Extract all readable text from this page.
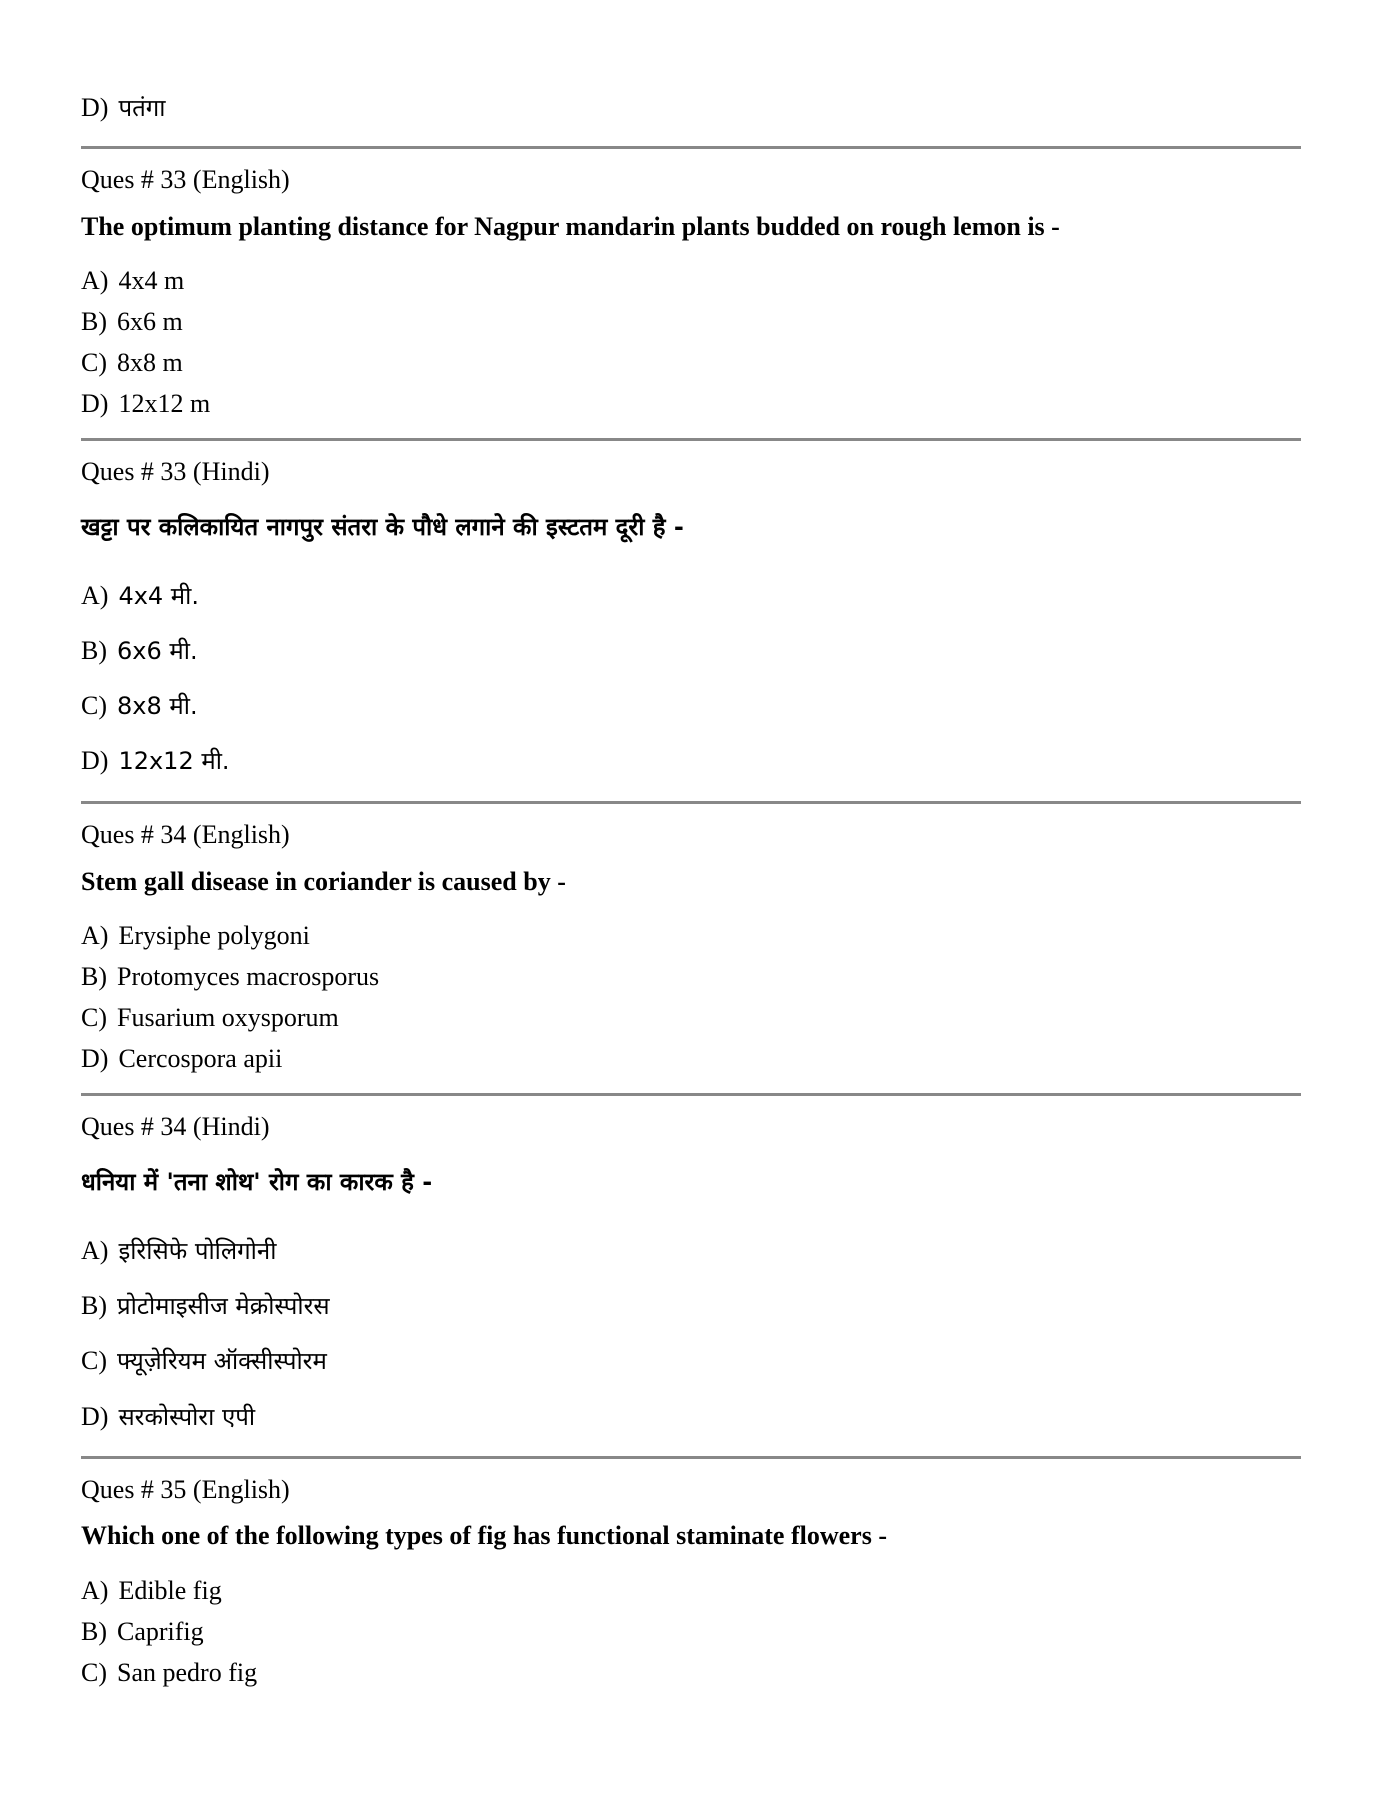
D) पतंगा
Ques # 33 (English)
The optimum planting distance for Nagpur mandarin plants budded on rough lemon is -
A) 4x4 m
B) 6x6 m
C) 8x8 m
D) 12x12 m
Ques # 33 (Hindi)
खट्टा पर कलिकायित नागपुर संतरा के पौधे लगाने की इस्टतम दूरी है -
A) 4x4 मी.
B) 6x6 मी.
C) 8x8 मी.
D) 12x12 मी.
Ques # 34 (English)
Stem gall disease in coriander is caused by -
A) Erysiphe polygoni
B) Protomyces macrosporus
C) Fusarium oxysporum
D) Cercospora apii
Ques # 34 (Hindi)
धनिया में 'तना शोथ' रोग का कारक है -
A) इरिसिफे पोलिगोनी
B) प्रोटोमाइसीज मेक्रोस्पोरस
C) फ्यूज़ेरियम ऑक्सीस्पोरम
D) सरकोस्पोरा एपी
Ques # 35 (English)
Which one of the following types of fig has functional staminate flowers -
A) Edible fig
B) Caprifig
C) San pedro fig
